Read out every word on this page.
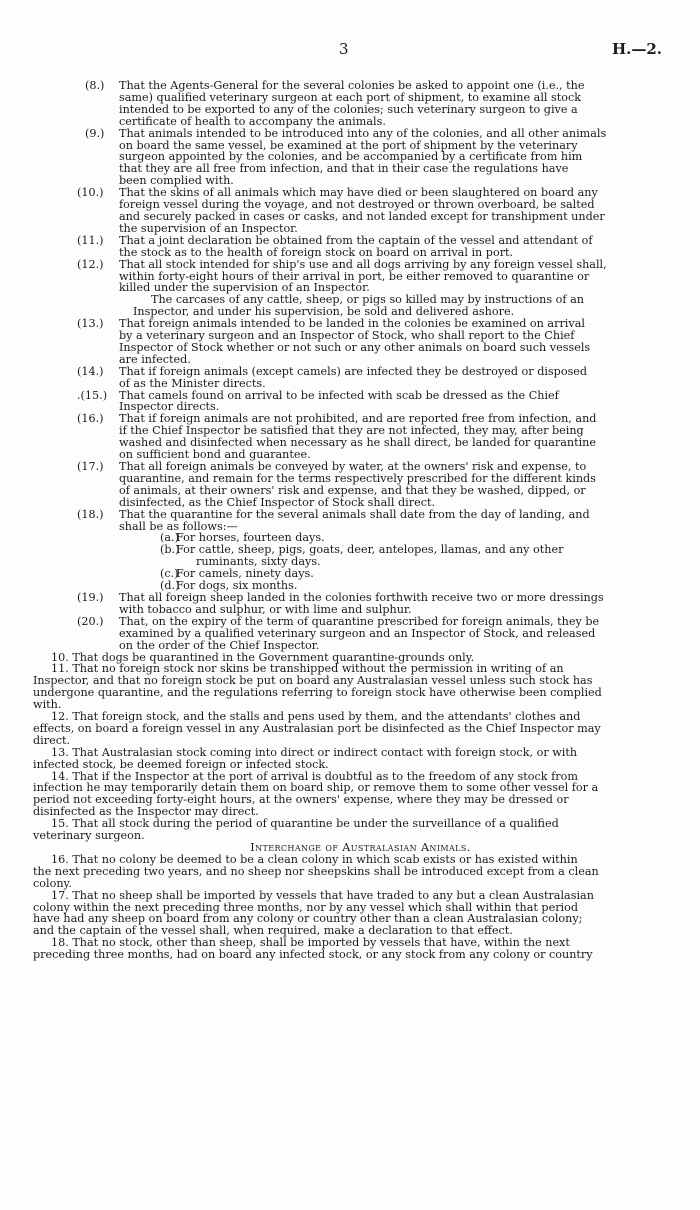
3	H.—2.
(8.) That the Agents-General for the several colonies be asked to appoint one (i.e., the
same) qualified veterinary surgeon at each port of shipment, to examine all stock
intended to be exported to any of the colonies; such veterinary surgeon to give a
certificate of health to accompany the animals.
(9.) That animals intended to be introduced into any of the colonies, and all other animals
on board the same vessel, be examined at the port of shipment by the veterinary
surgeon appointed by the colonies, and be accompanied by a certificate from him
that they are all free from infection, and that in their case the regulations have
been complied with.
(10.) That the skins of all animals which may have died or been slaughtered on board any
foreign vessel during the voyage, and not destroyed or thrown overboard, be salted
and securely packed in cases or casks, and not landed except for transhipment under
the supervision of an Inspector.
(11.) That a joint declaration be obtained from the captain of the vessel and attendant of
the stock as to the health of foreign stock on board on arrival in port.
(12.) That all stock intended for ship's use and all dogs arriving by any foreign vessel shall,
within forty-eight hours of their arrival in port, be either removed to quarantine or
killed under the supervision of an Inspector.
The carcases of any cattle, sheep, or pigs so killed may by instructions of an
Inspector, and under his supervision, be sold and delivered ashore.
(13.) That foreign animals intended to be landed in the colonies be examined on arrival
by a veterinary surgeon and an Inspector of Stock, who shall report to the Chief
Inspector of Stock whether or not such or any other animals on board such vessels
are infected.
(14.) That if foreign animals (except camels) are infected they be destroyed or disposed
of as the Minister directs.
.(15.) That camels found on arrival to be infected with scab be dressed as the Chief
Inspector directs.
(16.) That if foreign animals are not prohibited, and are reported free from infection, and
if the Chief Inspector be satisfied that they are not infected, they may, after being
washed and disinfected when necessary as he shall direct, be landed for quarantine
on sufficient bond and guarantee.
(17.) That all foreign animals be conveyed by water, at the owners' risk and expense, to
quarantine, and remain for the terms respectively prescribed for the different kinds
of animals, at their owners' risk and expense, and that they be washed, dipped, or
disinfected, as the Chief Inspector of Stock shall direct.
(18.) That the quarantine for the several animals shall date from the day of landing, and
shall be as follows:—
(a.)
For horses, fourteen days.
(b.)
For cattle, sheep, pigs, goats, deer, antelopes, llamas, and any other
ruminants, sixty days.
(c.)
For camels, ninety days.
(d.)
For dogs, six months.
(19.) That all foreign sheep landed in the colonies forthwith receive two or more dressings
with tobacco and sulphur, or with lime and sulphur.
(20.) That, on the expiry of the term of quarantine prescribed for foreign animals, they be
examined by a qualified veterinary surgeon and an Inspector of Stock, and released
on the order of the Chief Inspector.
10. That dogs be quarantined in the Government quarantine-grounds only.
11. That no foreign stock nor skins be transhipped without the permission in writing of an
Inspector, and that no foreign stock be put on board any Australasian vessel unless such stock has
undergone quarantine, and the regulations referring to foreign stock have otherwise been complied
with.
12. That foreign stock, and the stalls and pens used by them, and the attendants' clothes and
effects, on board a foreign vessel in any Australasian port be disinfected as the Chief Inspector may
direct.
13. That Australasian stock coming into direct or indirect contact with foreign stock, or with
infected stock, be deemed foreign or infected stock.
14. That if the Inspector at the port of arrival is doubtful as to the freedom of any stock from
infection he may temporarily detain them on board ship, or remove them to some other vessel for a
period not exceeding forty-eight hours, at the owners' expense, where they may be dressed or
disinfected as the Inspector may direct.
15. That all stock during the period of quarantine be under the surveillance of a qualified
veterinary surgeon.
Interchange of Australasian Animals.
16. That no colony be deemed to be a clean colony in which scab exists or has existed within
the next preceding two years, and no sheep nor sheepskins shall be introduced except from a clean
colony.
17. That no sheep shall be imported by vessels that have traded to any but a clean Australasian
colony within the next preceding three months, nor by any vessel which shall within that period
have had any sheep on board from any colony or country other than a clean Australasian colony;
and the captain of the vessel shall, when required, make a declaration to that effect.
18. That no stock, other than sheep, shall be imported by vessels that have, within the next
preceding three months, had on board any infected stock, or any stock from any colony or country
